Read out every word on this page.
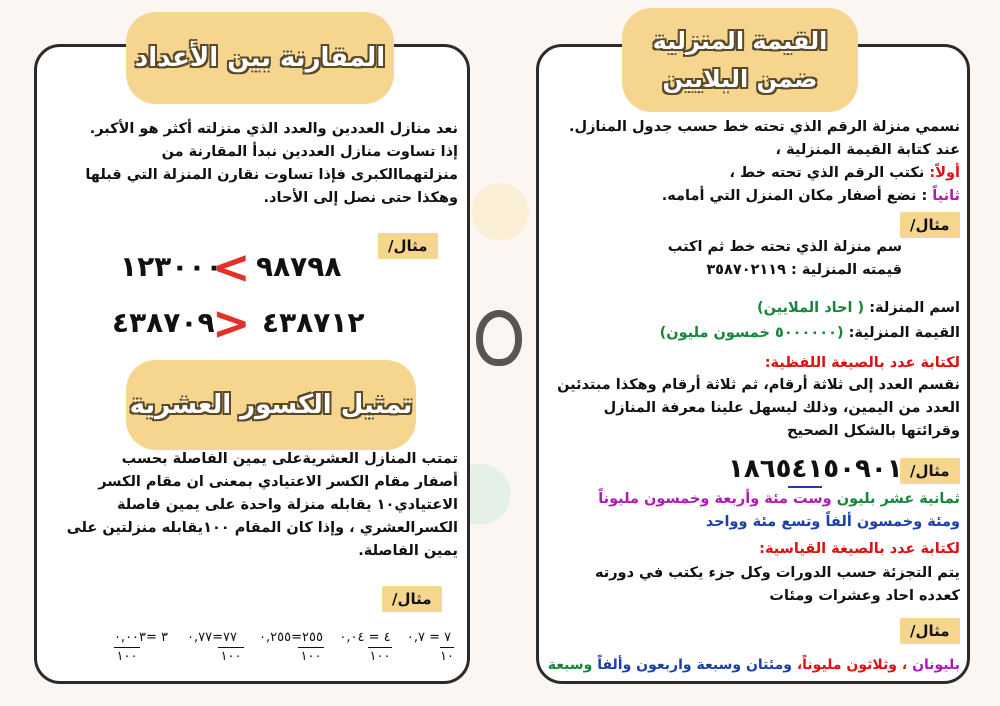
المقارنة بين الأعداد
نعد منازل العددين والعدد الذي منزلته أكثر هو الأكبر.
إذا تساوت منازل العددين نبدأ المقارنة من
منزلتهماالكبرى فإذا تساوت نقارن المنزلة التي قبلها
وهكذا حتى نصل إلى الأحاد.
مثال/
١٢٣٠٠٠
< ٩٨٧٩٨
٤٣٨٧٠٩
> ٤٣٨٧١٢
تمثيل الكسور العشرية
تمتب المنازل العشريةعلى يمين الفاصلة بحسب
أصفار مقام الكسر الاعتيادي بمعنى ان مقام الكسر
الاعتيادي١٠ يقابله منزلة واحدة على يمين فاصلة
الكسرالعشري ، وإذا كان المقام ١٠٠يقابله منزلتين على
يمين الفاصلة.
مثال/
٧ = ٠,٧
١٠
٤ = ٠,٠٤
١٠٠
٢٥٥=٠,٢٥٥
١٠٠
٧٧=٠,٧٧
١٠٠
٣ =٠,٠٠٣
١٠٠
القيمة المنزلية
ضمن البلايين
نسمي منزلة الرقم الذي تحته خط حسب جدول المنازل.
عند كتابة القيمة المنزلية ،
أولاً: نكتب الرقم الذي تحته خط ،
ثانياً : نضع أصفار مكان المنزل التي أمامه.
مثال/
سم منزلة الذي تحته خط ثم اكتب
قيمته المنزلية : ٣٥٨٧٠٢١١٩
اسم المنزلة: ( احاد الملايين)
القيمة المنزلية: (٥٠٠٠٠٠٠ خمسون مليون)
لكتابة عدد بالصيغة اللفظية:
نقسم العدد إلى ثلاثة أرقام، ثم ثلاثة أرقام وهكذا مبتدئين
العدد من اليمين، وذلك ليسهل علينا معرفة المنازل
وقرائتها بالشكل الصحيح
مثال/
١٨٦٥٤١٥٠٩٠١
ثمانية عشر بليون وست مئة وأربعة وخمسون مليوناً
ومئة وخمسون ألفاً وتسع مئة وواحد
لكتابة عدد بالصيغة القياسية:
يتم التجزئة حسب الدورات وكل جزء يكتب في دورته
كعدده احاد وعشرات ومئات
مثال/
بليونان ، وثلاثون مليوناً، ومئتان وسبعة واربعون وألفاً وسبعة
